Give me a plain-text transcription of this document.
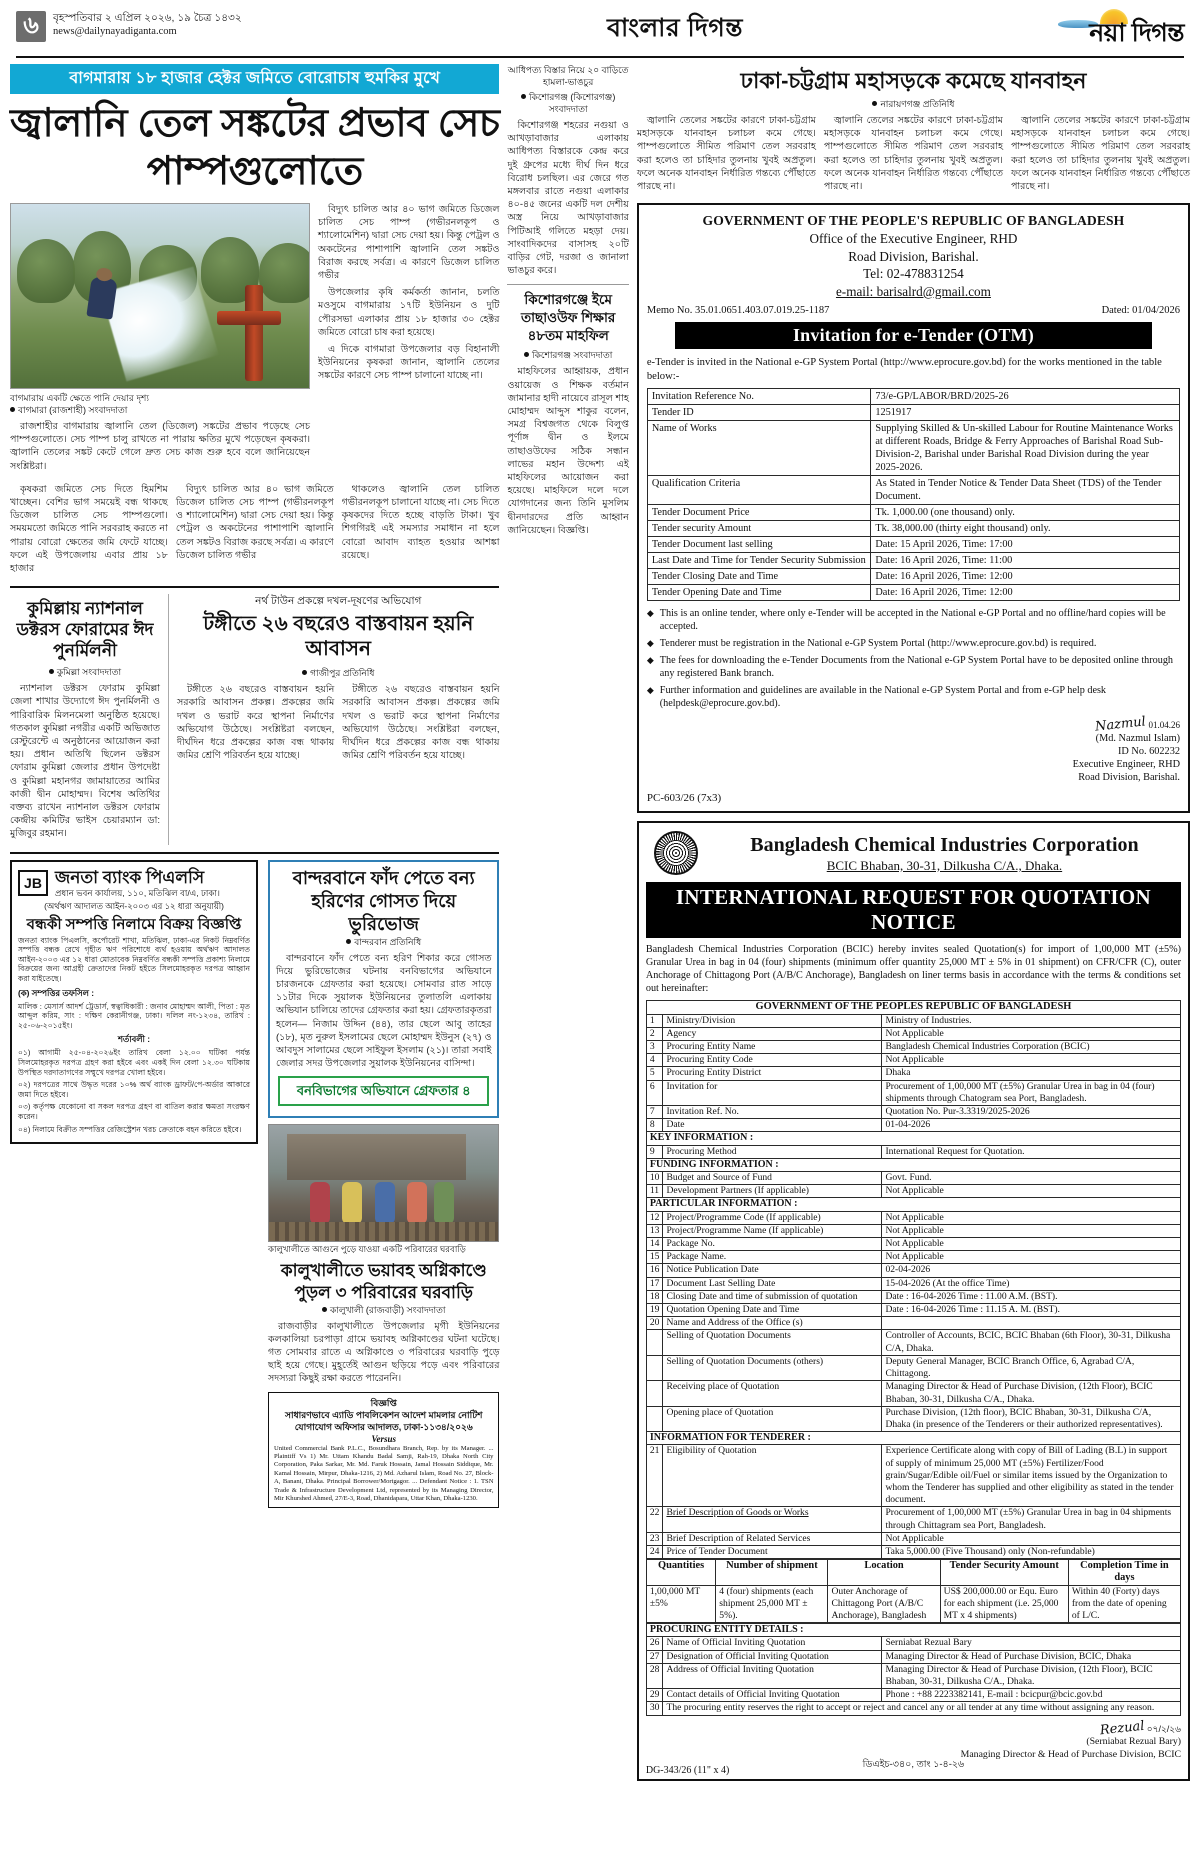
৬	বৃহস্পতিবার ২ এপ্রিল ২০২৬, ১৯ চৈত্র ১৪৩২
news@dailynayadiganta.com	বাংলার দিগন্ত	নয়া দিগন্ত
বাগমারায় ১৮ হাজার হেক্টর জমিতে বোরোচাষ হুমকির মুখে
জ্বালানি তেল সঙ্কটের প্রভাব সেচ পাম্পগুলোতে
বাগমারায় একটি ক্ষেতে পানি দেয়ার দৃশ্য
বাগমারা (রাজশাহী) সংবাদদাতা

রাজশাহীর বাগমারায় জ্বালানি তেল (ডিজেল) সঙ্কটের প্রভাব পড়েছে সেচ পাম্পগুলোতে। সেচ পাম্প চালু রাখতে না পারায় ক্ষতির মুখে পড়েছেন কৃষকরা। জ্বালানি তেলের সঙ্কট কেটে গেলে দ্রুত সেচ কাজ শুরু হবে বলে জানিয়েছেন সংশ্লিষ্টরা।

বিদ্যুৎ চালিত আর ৪০ ভাগ জমিতে ডিজেল চালিত সেচ পাম্প (গভীরনলকূপ ও শ্যালোমেশিন) দ্বারা সেচ দেয়া হয়। কিন্তু পেট্রল ও অকটেনের পাশাপাশি জ্বালানি তেল সঙ্কটও বিরাজ করছে সর্বত্র। এ কারণে ডিজেল চালিত গভীর

উপজেলার কৃষি কর্মকর্তা জানান, চলতি মওসুমে বাগমারায় ১৭টি ইউনিয়ন ও দুটি পৌরসভা এলাকার প্রায় ১৮ হাজার ৩০ হেক্টর জমিতে বোরো চাষ করা হয়েছে।

এ দিকে বাগমারা উপজেলার বড় বিহানালী ইউনিয়নের কৃষকরা জানান, জ্বালানি তেলের সঙ্কটের কারণে সেচ পাম্প চালানো যাচ্ছে না।

কৃষকরা জমিতে সেচ দিতে হিমশিম খাচ্ছেন। বেশির ভাগ সময়েই বন্ধ থাকছে ডিজেল চালিত সেচ পাম্পগুলো। সময়মতো জমিতে পানি সরবরাহ করতে না পারায় বোরো ক্ষেতের জমি ফেটে যাচ্ছে। ফলে এই উপজেলায় এবার প্রায় ১৮ হাজার

বিদ্যুৎ চালিত আর ৪০ ভাগ জমিতে ডিজেল চালিত সেচ পাম্প (গভীরনলকূপ ও শ্যালোমেশিন) দ্বারা সেচ দেয়া হয়। কিন্তু পেট্রল ও অকটেনের পাশাপাশি জ্বালানি তেল সঙ্কটও বিরাজ করছে সর্বত্র। এ কারণে ডিজেল চালিত গভীর

থাকলেও জ্বালানি তেল চালিত গভীরনলকূপ চালানো যাচ্ছে না। সেচ দিতে কৃষকদের দিতে হচ্ছে বাড়তি টাকা। খুব শিগগিরই এই সমস্যার সমাধান না হলে বোরো আবাদ ব্যাহত হওয়ার আশঙ্কা রয়েছে।

কুমিল্লায় ন্যাশনাল ডক্টরস ফোরামের ঈদ পুনর্মিলনী
কুমিল্লা সংবাদদাতা

ন্যাশনাল ডক্টরস ফোরাম কুমিল্লা জেলা শাখার উদ্যোগে ঈদ পুনর্মিলনী ও পারিবারিক মিলনমেলা অনুষ্ঠিত হয়েছে। গতকাল কুমিল্লা নগরীর একটি অভিজাত রেস্টুরেন্টে এ অনুষ্ঠানের আয়োজন করা হয়। প্রধান অতিথি ছিলেন ডক্টরস ফোরাম কুমিল্লা জেলার প্রধান উপদেষ্টা ও কুমিল্লা মহানগর জামায়াতের আমির কাজী দ্বীন মোহাম্মদ। বিশেষ অতিথির বক্তব্য রাখেন ন্যাশনাল ডক্টরস ফোরাম কেন্দ্রীয় কমিটির ভাইস চেয়ারম্যান ডা: মুজিবুর রহমান।

নর্থ টাউন প্রকল্পে দখল-দূষণের অভিযোগ
টঙ্গীতে ২৬ বছরেও বাস্তবায়ন হয়নি আবাসন
গাজীপুর প্রতিনিধি

টঙ্গীতে ২৬ বছরেও বাস্তবায়ন হয়নি সরকারি আবাসন প্রকল্প। প্রকল্পের জমি দখল ও ভরাট করে স্থাপনা নির্মাণের অভিযোগ উঠেছে। সংশ্লিষ্টরা বলছেন, দীর্ঘদিন ধরে প্রকল্পের কাজ বন্ধ থাকায় জমির শ্রেণি পরিবর্তন হয়ে যাচ্ছে।

টঙ্গীতে ২৬ বছরেও বাস্তবায়ন হয়নি সরকারি আবাসন প্রকল্প। প্রকল্পের জমি দখল ও ভরাট করে স্থাপনা নির্মাণের অভিযোগ উঠেছে। সংশ্লিষ্টরা বলছেন, দীর্ঘদিন ধরে প্রকল্পের কাজ বন্ধ থাকায় জমির শ্রেণি পরিবর্তন হয়ে যাচ্ছে।

JB জনতা ব্যাংক পিএলসি
প্রধান ভবন কার্যালয়, ১১০, মতিঝিল বা/এ, ঢাকা।
(অর্থঋণ আদালত আইন-২০০৩ এর ১২ ধারা অনুযায়ী)
বন্ধকী সম্পত্তি নিলামে বিক্রয় বিজ্ঞপ্তি

জনতা ব্যাংক পিএলসি, কর্পোরেট শাখা, মতিঝিল, ঢাকা-এর নিকট নিম্নবর্ণিত সম্পত্তি বন্ধক রেখে গৃহীত ঋণ পরিশোধে ব্যর্থ হওয়ায় অর্থঋণ আদালত আইন-২০০৩ এর ১২ ধারা মোতাবেক নিম্নবর্ণিত বন্ধকী সম্পত্তি প্রকাশ্য নিলামে বিক্রয়ের জন্য আগ্রহী ক্রেতাদের নিকট হইতে সিলমোহরকৃত দরপত্র আহ্বান করা যাইতেছে।

(ক) সম্পত্তির তফসিল :

মালিক : মেসার্স আদর্শ ট্রেডার্স, স্বত্বাধিকারী : জনাব মোহাম্মদ আলী, পিতা : মৃত আব্দুল করিম, সাং : দক্ষিণ কেরানীগঞ্জ, ঢাকা। দলিল নং-১২৩৪, তারিখ : ২৫-০৬-২০১৫ইং।

শর্তাবলী :

০১) আগামী ২৫-০৪-২০২৬ইং তারিখ বেলা ১২.০০ ঘটিকা পর্যন্ত সিলমোহরকৃত দরপত্র গ্রহণ করা হইবে এবং একই দিন বেলা ১২.৩০ ঘটিকায় উপস্থিত দরদাতাগণের সম্মুখে দরপত্র খোলা হইবে।

০২) দরপত্রের সাথে উদ্ধৃত দরের ১০% অর্থ ব্যাংক ড্রাফট/পে-অর্ডার আকারে জমা দিতে হইবে।

০৩) কর্তৃপক্ষ যেকোনো বা সকল দরপত্র গ্রহণ বা বাতিল করার ক্ষমতা সংরক্ষণ করেন।

০৪) নিলামে বিক্রীত সম্পত্তির রেজিস্ট্রেশন খরচ ক্রেতাকে বহন করিতে হইবে।

বান্দরবানে ফাঁদ পেতে বন্য হরিণের গোসত দিয়ে ভুরিভোজ
বান্দরবান প্রতিনিধি

বান্দরবানে ফাঁদ পেতে বন্য হরিণ শিকার করে গোসত দিয়ে ভুরিভোজের ঘটনায় বনবিভাগের অভিযানে চারজনকে গ্রেফতার করা হয়েছে। সোমবার রাত সাড়ে ১১টার দিকে সুয়ালক ইউনিয়নের তুলাতলি এলাকায় অভিযান চালিয়ে তাদের গ্রেফতার করা হয়। গ্রেফতারকৃতরা হলেন— নিজাম উদ্দিন (৪৪), তার ছেলে আবু তাহের (১৮), মৃত নুরুল ইসলামের ছেলে মোহাম্মদ ইউনুস (২৭) ও আবদুস সালামের ছেলে সাইফুল ইসলাম (২১)। তারা সবাই জেলার সদর উপজেলার সুয়ালক ইউনিয়নের বাসিন্দা।

বনবিভাগের অভিযানে গ্রেফতার ৪
কালুখালীতে আগুনে পুড়ে যাওয়া একটি পরিবারের ঘরবাড়ি
কালুখালীতে ভয়াবহ অগ্নিকাণ্ডে পুড়ল ৩ পরিবারের ঘরবাড়ি
কালুখালী (রাজবাড়ী) সংবাদদাতা

রাজবাড়ীর কালুখালীতে উপজেলার মৃগী ইউনিয়নের কলকালিয়া চরপাড়া গ্রামে ভয়াবহ অগ্নিকাণ্ডের ঘটনা ঘটেছে। গত সোমবার রাতে এ অগ্নিকাণ্ডে ৩ পরিবারের ঘরবাড়ি পুড়ে ছাই হয়ে গেছে। মুহূর্তেই আগুন ছড়িয়ে পড়ে এবং পরিবারের সদস্যরা কিছুই রক্ষা করতে পারেননি।

বিজ্ঞপ্তি
সাধারণভাবে এ্যাডি পাবলিকেশন আদেশ মামলার নোটিশ
যোগাযোগ অফিসার আদালত, ঢাকা-১১৩৪/২০২৬
Versus
United Commercial Bank P.L.C., Bosundhara Branch, Rep. by its Manager. ... Plaintiff Vs 1) Mr. Uttam Khandu Badal Samji, Rah-19, Dhaka North City Corporation, Paka Sarkar, Mr. Md. Faruk Hossain, Jamal Hossain Siddique, Mr. Kamal Hossain, Mirpur, Dhaka-1216, 2) Md. Azharul Islam, Road No. 27, Block-A, Banani, Dhaka. Principal Borrower/Mortgagor. ... Defendant Notice : 1. TSN Trade & Infrastructure Development Ltd, represented by its Managing Director, Mir Khurshed Ahmed, 27/E-3, Road, Dhanidapara, Uttar Khan, Dhaka-1230.
আধিপত্য বিস্তার নিয়ে ২০ বাড়িতে হামলা-ভাঙচুর
কিশোরগঞ্জ (কিশোরগঞ্জ) সংবাদদাতা

কিশোরগঞ্জ শহরের নগুয়া ও আখড়াবাজার এলাকায় আধিপত্য বিস্তারকে কেন্দ্র করে দুই গ্রুপের মধ্যে দীর্ঘ দিন ধরে বিরোধ চলছিল। এর জেরে গত মঙ্গলবার রাতে নগুয়া এলাকার ৪০-৪৫ জনের একটি দল দেশীয় অস্ত্র নিয়ে আখড়াবাজার পিটিআই গলিতে মহড়া দেয়। সাংবাদিকদের বাসাসহ ২০টি বাড়ির গেট, দরজা ও জানালা ভাঙচুর করে।

কিশোরগঞ্জে ইমে তাছাওউফ শিক্ষার ৪৮তম মাহফিল
কিশোরগঞ্জ সংবাদদাতা

মাহফিলের আহ্বায়ক, প্রধান ওয়ায়েজ ও শিক্ষক বর্তমান জামানার হাদী নায়েবে রাসূল শাহ মোহাম্মদ আব্দুস শাকুর বলেন, সমগ্র বিশ্বজগত থেকে বিলুপ্ত পূর্ণাঙ্গ দ্বীন ও ইলমে তাছাওউফের সঠিক সন্ধান লাভের মহান উদ্দেশ্য এই মাহফিলের আয়োজন করা হয়েছে। মাহফিলে দলে দলে যোগদানের জন্য তিনি মুসলিম দ্বীনদারদের প্রতি আহ্বান জানিয়েছেন। বিজ্ঞপ্তি।

ঢাকা-চট্টগ্রাম মহাসড়কে কমেছে যানবাহন
নারায়ণগঞ্জ প্রতিনিধি

জ্বালানি তেলের সঙ্কটের কারণে ঢাকা-চট্টগ্রাম মহাসড়কে যানবাহন চলাচল কমে গেছে। পাম্পগুলোতে সীমিত পরিমাণ তেল সরবরাহ করা হলেও তা চাহিদার তুলনায় খুবই অপ্রতুল। ফলে অনেক যানবাহন নির্ধারিত গন্তব্যে পৌঁছাতে পারছে না।

জ্বালানি তেলের সঙ্কটের কারণে ঢাকা-চট্টগ্রাম মহাসড়কে যানবাহন চলাচল কমে গেছে। পাম্পগুলোতে সীমিত পরিমাণ তেল সরবরাহ করা হলেও তা চাহিদার তুলনায় খুবই অপ্রতুল। ফলে অনেক যানবাহন নির্ধারিত গন্তব্যে পৌঁছাতে পারছে না।

জ্বালানি তেলের সঙ্কটের কারণে ঢাকা-চট্টগ্রাম মহাসড়কে যানবাহন চলাচল কমে গেছে। পাম্পগুলোতে সীমিত পরিমাণ তেল সরবরাহ করা হলেও তা চাহিদার তুলনায় খুবই অপ্রতুল। ফলে অনেক যানবাহন নির্ধারিত গন্তব্যে পৌঁছাতে পারছে না।

GOVERNMENT OF THE PEOPLE'S REPUBLIC OF BANGLADESH
Office of the Executive Engineer, RHD
Road Division, Barishal.
Tel: 02-478831254
e-mail: barisalrd@gmail.com
Memo No. 35.01.0651.403.07.019.25-1187	Dated: 01/04/2026
Invitation for e-Tender (OTM)
e-Tender is invited in the National e-GP System Portal (http://www.eprocure.gov.bd) for the works mentioned in the table below:-
Invitation Reference No.	73/e-GP/LABOR/BRD/2025-26
Tender ID	1251917
Name of Works	Supplying Skilled & Un-skilled Labour for Routine Maintenance Works at different Roads, Bridge & Ferry Approaches of Barishal Road Sub-Division-2, Barishal under Barishal Road Division during the year 2025-2026.
Qualification Criteria	As Stated in Tender Notice & Tender Data Sheet (TDS) of the Tender Document.
Tender Document Price	Tk. 1,000.00 (one thousand) only.
Tender security Amount	Tk. 38,000.00 (thirty eight thousand) only.
Tender Document last selling	Date: 15 April 2026, Time: 17:00
Last Date and Time for Tender Security Submission	Date: 16 April 2026, Time: 11:00
Tender Closing Date and Time	Date: 16 April 2026, Time: 12:00
Tender Opening Date and Time	Date: 16 April 2026, Time: 12:00
◆ This is an online tender, where only e-Tender will be accepted in the National e-GP Portal and no offline/hard copies will be accepted.
◆ Tenderer must be registration in the National e-GP System Portal (http://www.eprocure.gov.bd) is required.
◆ The fees for downloading the e-Tender Documents from the National e-GP System Portal have to be deposited online through any registered Bank branch.
◆ Further information and guidelines are available in the National e-GP System Portal and from e-GP help desk (helpdesk@eprocure.gov.bd).
Nazmul 01.04.26
(Md. Nazmul Islam)
ID No. 602232
Executive Engineer, RHD
Road Division, Barishal.
PC-603/26 (7x3)
Bangladesh Chemical Industries Corporation
BCIC Bhaban, 30-31, Dilkusha C/A., Dhaka.
INTERNATIONAL REQUEST FOR QUOTATION NOTICE
Bangladesh Chemical Industries Corporation (BCIC) hereby invites sealed Quotation(s) for import of 1,00,000 MT (±5%) Granular Urea in bag in 04 (four) shipments (minimum offer quantity 25,000 MT ± 5% in 01 shipment) on CFR/CFR (C), outer Anchorage of Chittagong Port (A/B/C Anchorage), Bangladesh on liner terms basis in accordance with the terms & conditions set out hereinafter:
GOVERNMENT OF THE PEOPLES REPUBLIC OF BANGLADESH		
1	Ministry/Division	Ministry of Industries.
2	Agency	Not Applicable
3	Procuring Entity Name	Bangladesh Chemical Industries Corporation (BCIC)
4	Procuring Entity Code	Not Applicable
5	Procuring Entity District	Dhaka
6	Invitation for	Procurement of 1,00,000 MT (±5%) Granular Urea in bag in 04 (four) shipments through Chatogram sea Port, Bangladesh.
7	Invitation Ref. No.	Quotation No. Pur-3.3319/2025-2026
8	Date	01-04-2026
KEY INFORMATION :		
9	Procuring Method	International Request for Quotation.
FUNDING INFORMATION :		
10	Budget and Source of Fund	Govt. Fund.
11	Development Partners (If applicable)	Not Applicable
PARTICULAR INFORMATION :		
12	Project/Programme Code (If applicable)	Not Applicable
13	Project/Programme Name (If applicable)	Not Applicable
14	Package No.	Not Applicable
15	Package Name.	Not Applicable
16	Notice Publication Date	02-04-2026
17	Document Last Selling Date	15-04-2026 (At the office Time)
18	Closing Date and time of submission of quotation	Date : 16-04-2026 Time : 11.00 A.M. (BST).
19	Quotation Opening Date and Time	Date : 16-04-2026 Time : 11.15 A. M. (BST).
20	Name and Address of the Office (s)	
	Selling of Quotation Documents	Controller of Accounts, BCIC, BCIC Bhaban (6th Floor), 30-31, Dilkusha C/A, Dhaka.
	Selling of Quotation Documents (others)	Deputy General Manager, BCIC Branch Office, 6, Agrabad C/A, Chittagong.
	Receiving place of Quotation	Managing Director & Head of Purchase Division, (12th Floor), BCIC Bhaban, 30-31, Dilkusha C/A., Dhaka.
	Opening place of Quotation	Purchase Division, (12th floor), BCIC Bhaban, 30-31, Dilkusha C/A, Dhaka (in presence of the Tenderers or their authorized representatives).
INFORMATION FOR TENDERER :		
21	Eligibility of Quotation	Experience Certificate along with copy of Bill of Lading (B.L) in support of supply of minimum 25,000 MT (±5%) Fertilizer/Food grain/Sugar/Edible oil/Fuel or similar items issued by the Organization to whom the Tenderer has supplied and other eligibility as stated in the tender document.
22	Brief Description of Goods or Works	Procurement of 1,00,000 MT (±5%) Granular Urea in bag in 04 shipments through Chittagram sea Port, Bangladesh.
23	Brief Description of Related Services	Not Applicable
24	Price of Tender Document	Taka 5,000.00 (Five Thousand) only (Non-refundable)
Quantities	Number of shipment	Location	Tender Security Amount	Completion Time in days
1,00,000 MT ±5%	4 (four) shipments (each shipment 25,000 MT ± 5%).	Outer Anchorage of Chittagong Port (A/B/C Anchorage), Bangladesh	US$ 200,000.00 or Equ. Euro for each shipment (i.e. 25,000 MT x 4 shipments)	Within 40 (Forty) days from the date of opening of L/C.
PROCURING ENTITY DETAILS :		
26	Name of Official Inviting Quotation	Serniabat Rezual Bary
27	Designation of Official Inviting Quotation	Managing Director & Head of Purchase Division, BCIC, Dhaka
28	Address of Official Inviting Quotation	Managing Director & Head of Purchase Division, (12th Floor), BCIC Bhaban, 30-31, Dilkusha C/A., Dhaka.
29	Contact details of Official Inviting Quotation	Phone : +88 2223382141, E-mail : bcicpur@bcic.gov.bd
30	The procuring entity reserves the right to accept or reject and cancel any or all tender at any time without assigning any reason.	
Rezual ০৭/২/২৬
(Serniabat Rezual Bary)
Managing Director & Head of Purchase Division, BCIC
DG-343/26 (11" x 4)
ডিএইচ-৩৪০, তাং ১-৪-২৬
